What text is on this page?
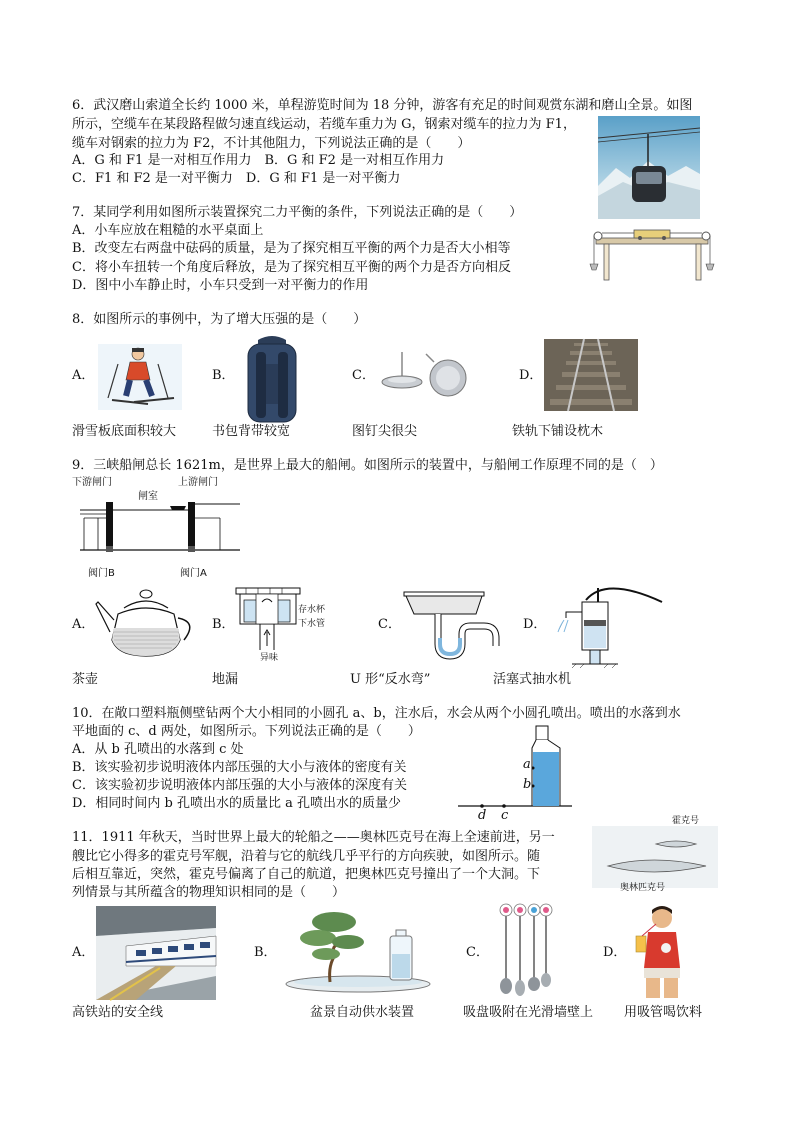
6．武汉磨山索道全长约 1000 米，单程游览时间为 18 分钟，游客有充足的时间观赏东湖和磨山全景。如图
所示，空缆车在某段路程做匀速直线运动，若缆车重力为 G，钢索对缆车的拉力为 F1，
缆车对钢索的拉力为 F2，不计其他阻力，下列说法正确的是（　　）
A．G 和 F1 是一对相互作用力　B．G 和 F2 是一对相互作用力
C．F1 和 F2 是一对平衡力　D．G 和 F1 是一对平衡力
7．某同学利用如图所示装置探究二力平衡的条件，下列说法正确的是（　　）
A．小车应放在粗糙的水平桌面上
B．改变左右两盘中砝码的质量，是为了探究相互平衡的两个力是否大小相等
C．将小车扭转一个角度后释放，是为了探究相互平衡的两个力是否方向相反
D．图中小车静止时，小车只受到一对平衡力的作用
8．如图所示的事例中，为了增大压强的是（　　）
A．	B．	C．	D．
滑雪板底面积较大	书包背带较宽	图钉尖很尖	铁轨下铺设枕木
9．三峡船闸总长 1621m，是世界上最大的船闸。如图所示的装置中，与船闸工作原理不同的是（　）
下游闸门	上游闸门
闸室
阀门B	阀门A
A．	B．	C．	D．
存水杯
下水管
异味
茶壶	地漏	U 形“反水弯”	活塞式抽水机
10．在敞口塑料瓶侧壁钻两个大小相同的小圆孔 a、b，注水后，水会从两个小圆孔喷出。喷出的水落到水
平地面的 c、d 两处，如图所示。下列说法正确的是（　　）
A．从 b 孔喷出的水落到 c 处
B．该实验初步说明液体内部压强的大小与液体的密度有关
C．该实验初步说明液体内部压强的大小与液体的深度有关
D．相同时间内 b 孔喷出水的质量比 a 孔喷出水的质量少
a
b
d c
11．1911 年秋天，当时世界上最大的轮船之——奥林匹克号在海上全速前进，另一
艘比它小得多的霍克号军舰，沿着与它的航线几乎平行的方向疾驶，如图所示。随
后相互靠近，突然，霍克号偏离了自己的航道，把奥林匹克号撞出了一个大洞。下
列情景与其所蕴含的物理知识相同的是（　　）
霍克号
奥林匹克号
A．	B．	C．	D．
高铁站的安全线	盆景自动供水装置	吸盘吸附在光滑墙壁上 用吸管喝饮料
